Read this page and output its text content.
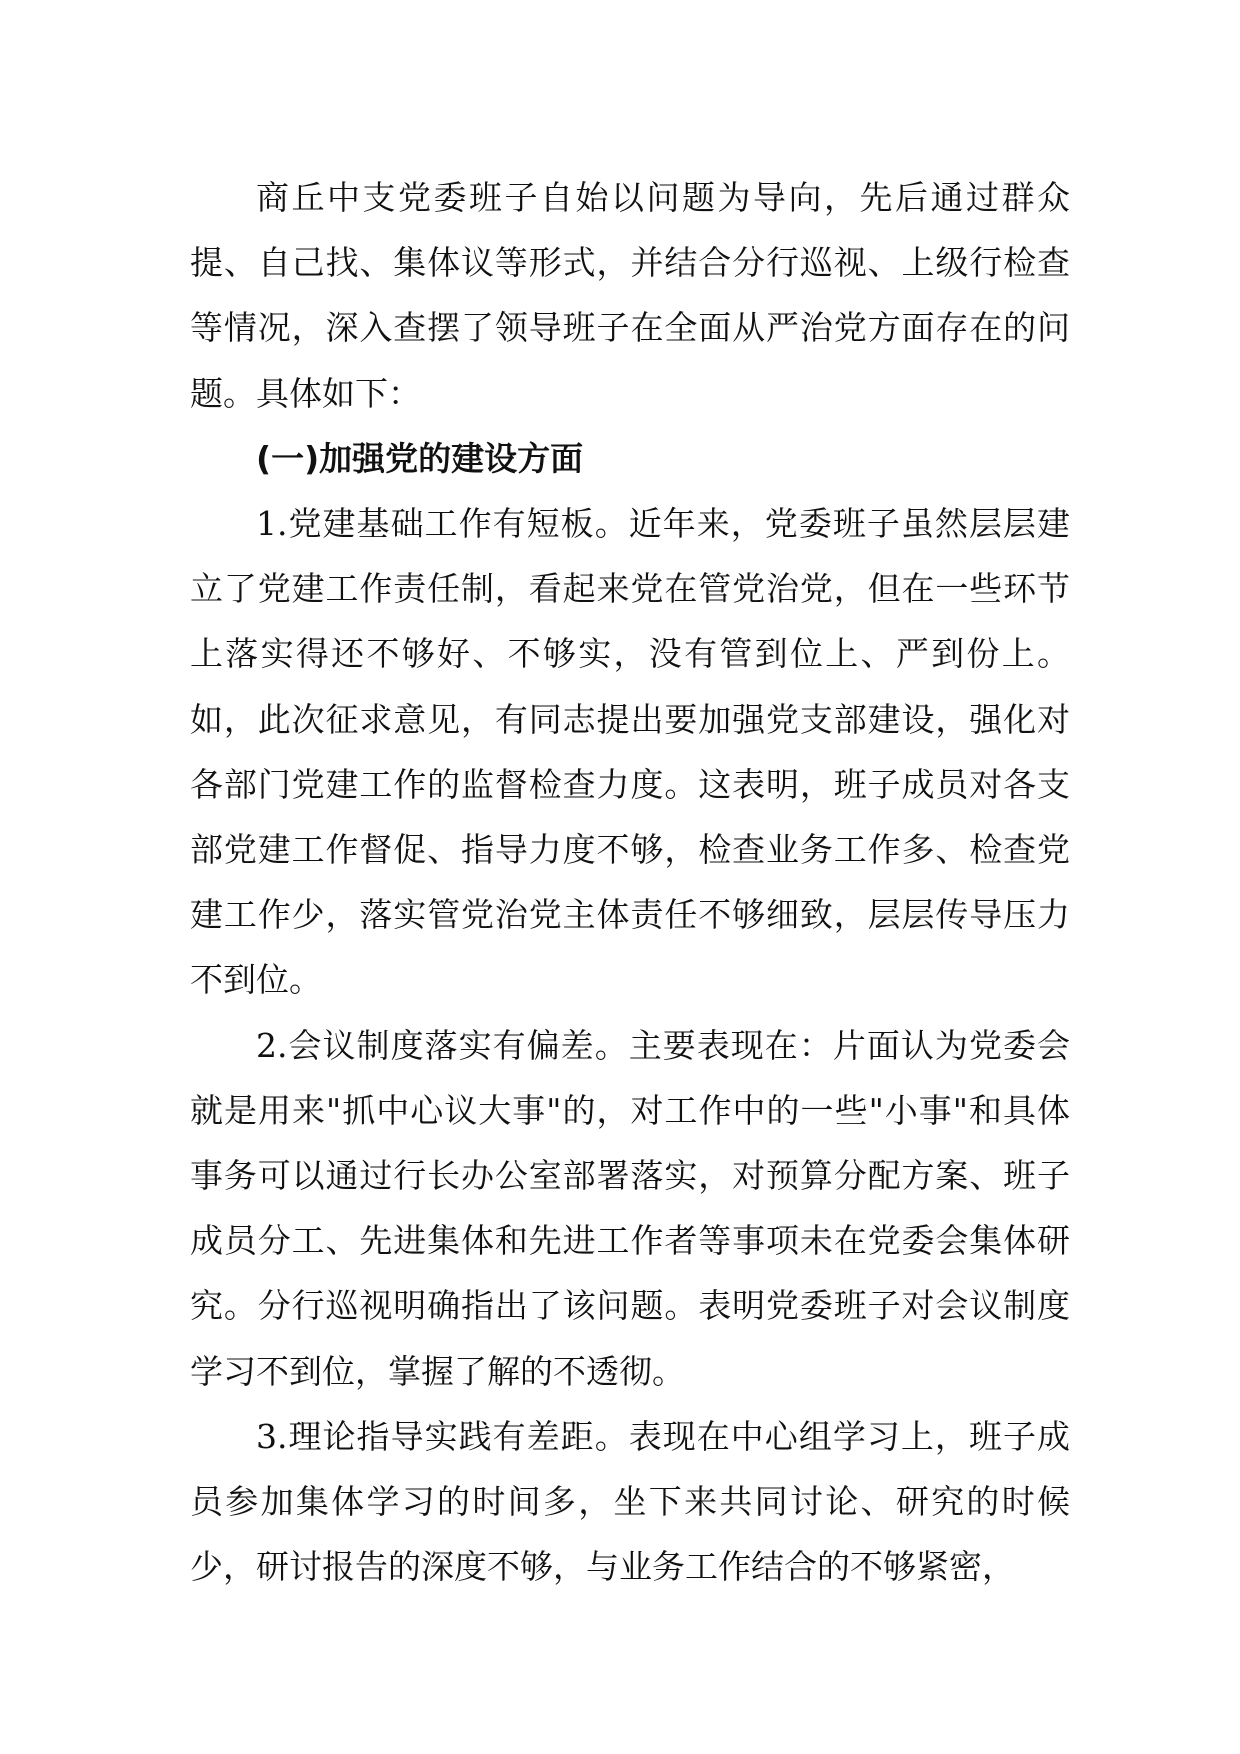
商丘中支党委班子自始以问题为导向，先后通过群众提、自己找、集体议等形式，并结合分行巡视、上级行检查等情况，深入查摆了领导班子在全面从严治党方面存在的问题。具体如下：

(一)加强党的建设方面

1.党建基础工作有短板。近年来，党委班子虽然层层建立了党建工作责任制，看起来党在管党治党，但在一些环节上落实得还不够好、不够实，没有管到位上、严到份上。如，此次征求意见，有同志提出要加强党支部建设，强化对各部门党建工作的监督检查力度。这表明，班子成员对各支部党建工作督促、指导力度不够，检查业务工作多、检查党建工作少，落实管党治党主体责任不够细致，层层传导压力不到位。

2.会议制度落实有偏差。主要表现在：片面认为党委会就是用来"抓中心议大事"的，对工作中的一些"小事"和具体事务可以通过行长办公室部署落实，对预算分配方案、班子成员分工、先进集体和先进工作者等事项未在党委会集体研究。分行巡视明确指出了该问题。表明党委班子对会议制度学习不到位，掌握了解的不透彻。

3.理论指导实践有差距。表现在中心组学习上，班子成员参加集体学习的时间多，坐下来共同讨论、研究的时候少，研讨报告的深度不够，与业务工作结合的不够紧密，
